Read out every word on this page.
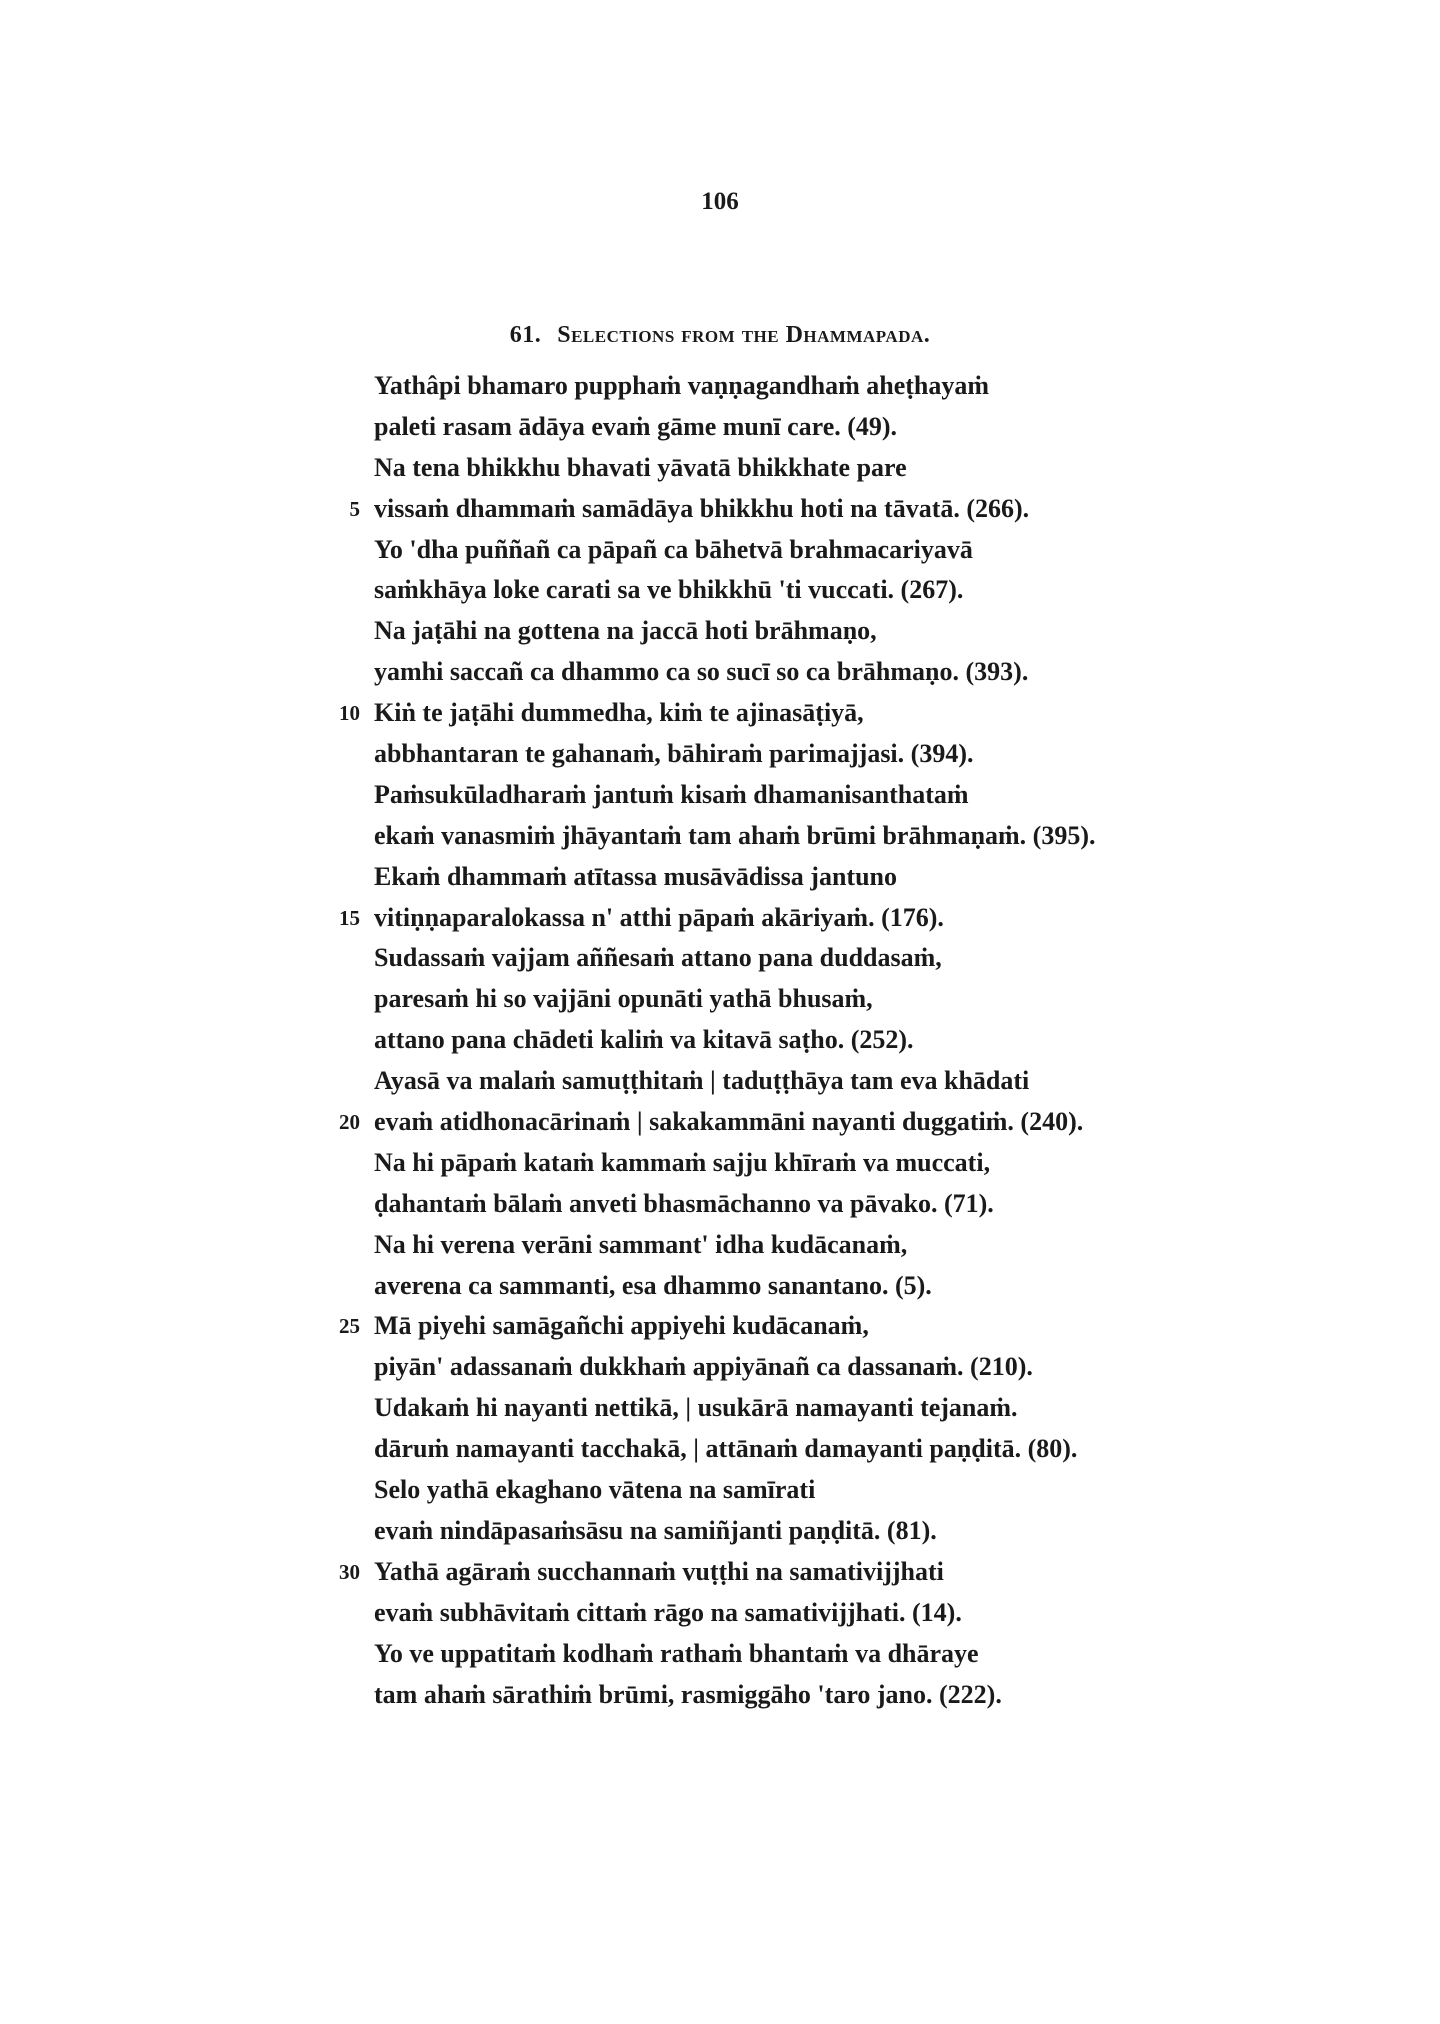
106
61. Selections from the Dhammapada.
Yathâpi bhamaro pupphaṁ vaṇṇagandhaṁ aheṭhayaṁ
paleti rasam ādāya evaṁ gāme munī care. (49).
Na tena bhikkhu bhavati yāvatā bhikkhate pare
5 vissaṁ dhammaṁ samādāya bhikkhu hoti na tāvatā. (266).
Yo 'dha puññañ ca pāpañ ca bāhetvā brahmacariyavā
saṁkhāya loke carati sa ve bhikkhū 'ti vuccati. (267).
Na jaṭāhi na gottena na jaccā hoti brāhmaṇo,
yamhi saccañ ca dhammo ca so sucī so ca brāhmaṇo. (393).
10 Kiṅ te jaṭāhi dummedha, kiṁ te ajinasāṭiyā,
abbhantaran te gahanaṁ, bāhiraṁ parimajjasi. (394).
Paṁsukūladharaṁ jantuṁ kisaṁ dhamanisanthataṁ
ekaṁ vanasmiṁ jhāyantaṁ tam ahaṁ brūmi brāhmaṇaṁ. (395).
Ekaṁ dhammaṁ atītassa musāvādissa jantuno
15 vitiṇṇaparalokassa n' atthi pāpaṁ akāriyaṁ. (176).
Sudassaṁ vajjam aññesaṁ attano pana duddasaṁ,
paresaṁ hi so vajjāni opunāti yathā bhusaṁ,
attano pana chādeti kaliṁ va kitavā saṭho. (252).
Ayasā va malaṁ samuṭṭhitaṁ | taduṭṭhāya tam eva khādati
20 evaṁ atidhonacārinaṁ | sakakammāni nayanti duggatiṁ. (240).
Na hi pāpaṁ kataṁ kammaṁ sajju khīraṁ va muccati,
ḍahantaṁ bālaṁ anveti bhasmāchanno va pāvako. (71).
Na hi verena verāni sammant' idha kudācanaṁ,
averena ca sammanti, esa dhammo sanantano. (5).
25 Mā piyehi samāgañchi appiyehi kudācanaṁ,
piyān' adassanaṁ dukkhaṁ appiyānañ ca dassanaṁ. (210).
Udakaṁ hi nayanti nettikā, | usukārā namayanti tejanaṁ.
dāruṁ namayanti tacchakā, | attānaṁ damayanti paṇḍitā. (80).
Selo yathā ekaghano vātena na samīrati
evaṁ nindāpasaṁsāsu na samiñjanti paṇḍitā. (81).
30 Yathā agāraṁ succhannaṁ vuṭṭhi na samativijjhati
evaṁ subhāvitaṁ cittaṁ rāgo na samativijjhati. (14).
Yo ve uppatitaṁ kodhaṁ rathaṁ bhantaṁ va dhāraye
tam ahaṁ sārathiṁ brūmi, rasmiggāho 'taro jano. (222).
